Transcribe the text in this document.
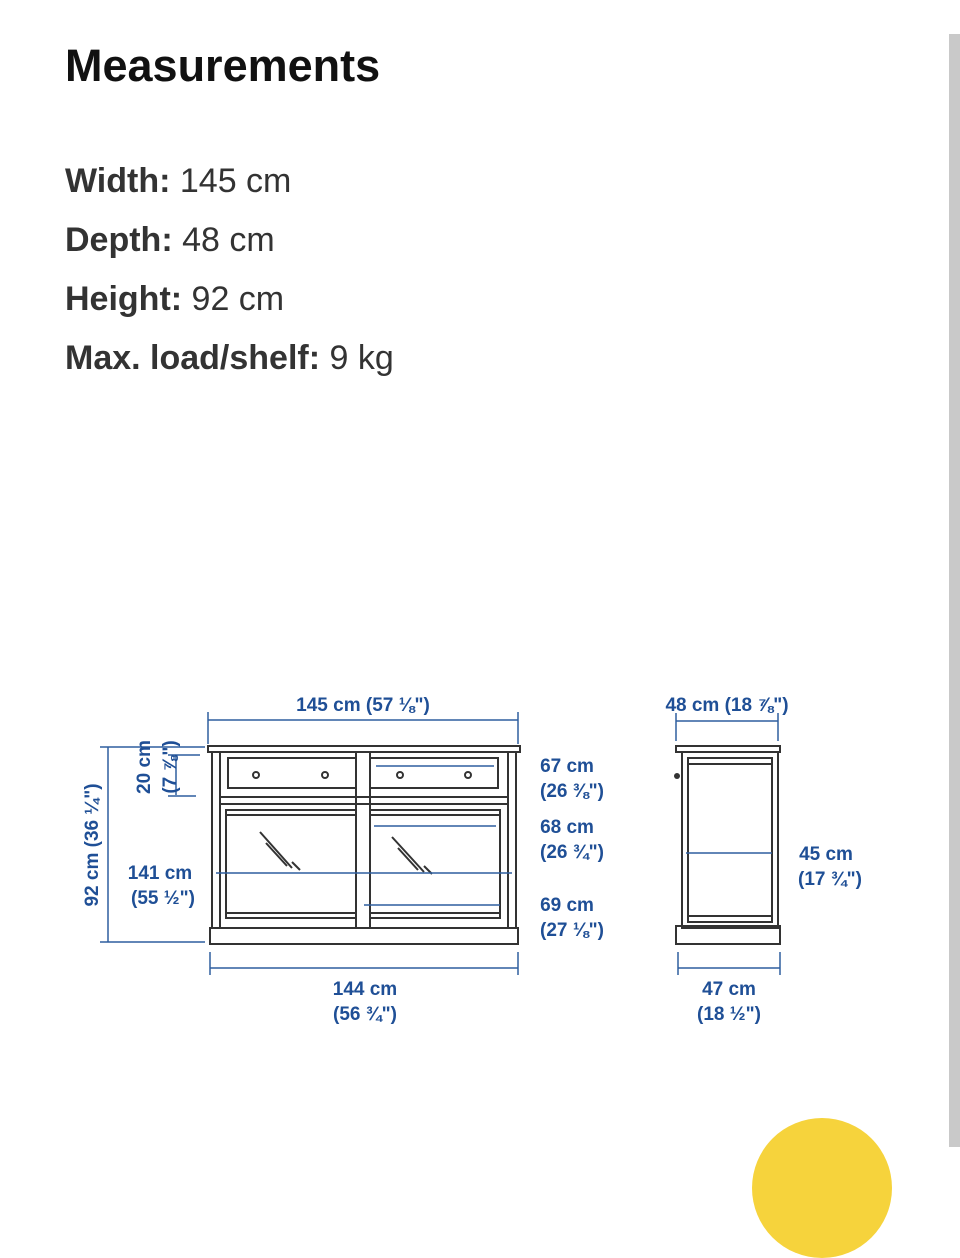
Measurements
Width: 145 cm
Depth: 48 cm
Height: 92 cm
Max. load/shelf: 9 kg
145 cm (57 ⅛")
20 cm (7 ⅞")
92 cm (36 ¼") 141 cm
(55 ½")
67 cm
(26 ⅜")
68 cm
(26 ¾")
69 cm
(27 ⅛")
144 cm
(56 ¾")
48 cm (18 ⅞")
45 cm
(17 ¾")
47 cm
(18 ½")
